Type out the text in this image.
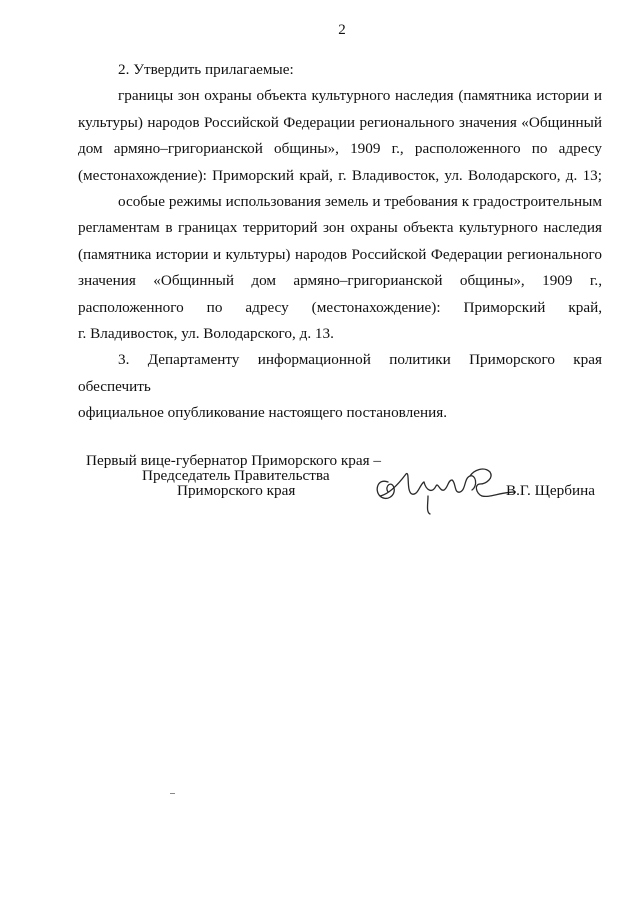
2

2. Утвердить прилагаемые:

границы зон охраны объекта культурного наследия (памятника истории и
культуры) народов Российской Федерации регионального значения «Общинный
дом армяно–григорианской общины», 1909 г., расположенного по адресу
(местонахождение): Приморский край, г. Владивосток, ул. Володарского, д. 13;

особые режимы использования земель и требования к градостроительным
регламентам в границах территорий зон охраны объекта культурного наследия
(памятника истории и культуры) народов Российской Федерации регионального
значения «Общинный дом армяно–григорианской общины», 1909 г.,
расположенного по адресу (местонахождение): Приморский край,
г. Владивосток, ул. Володарского, д. 13.

3. Департаменту информационной политики Приморского края обеспечить
официальное опубликование настоящего постановления.

Первый вице-губернатор Приморского края –
Председатель Правительства
Приморского края	В.Г. Щербина
